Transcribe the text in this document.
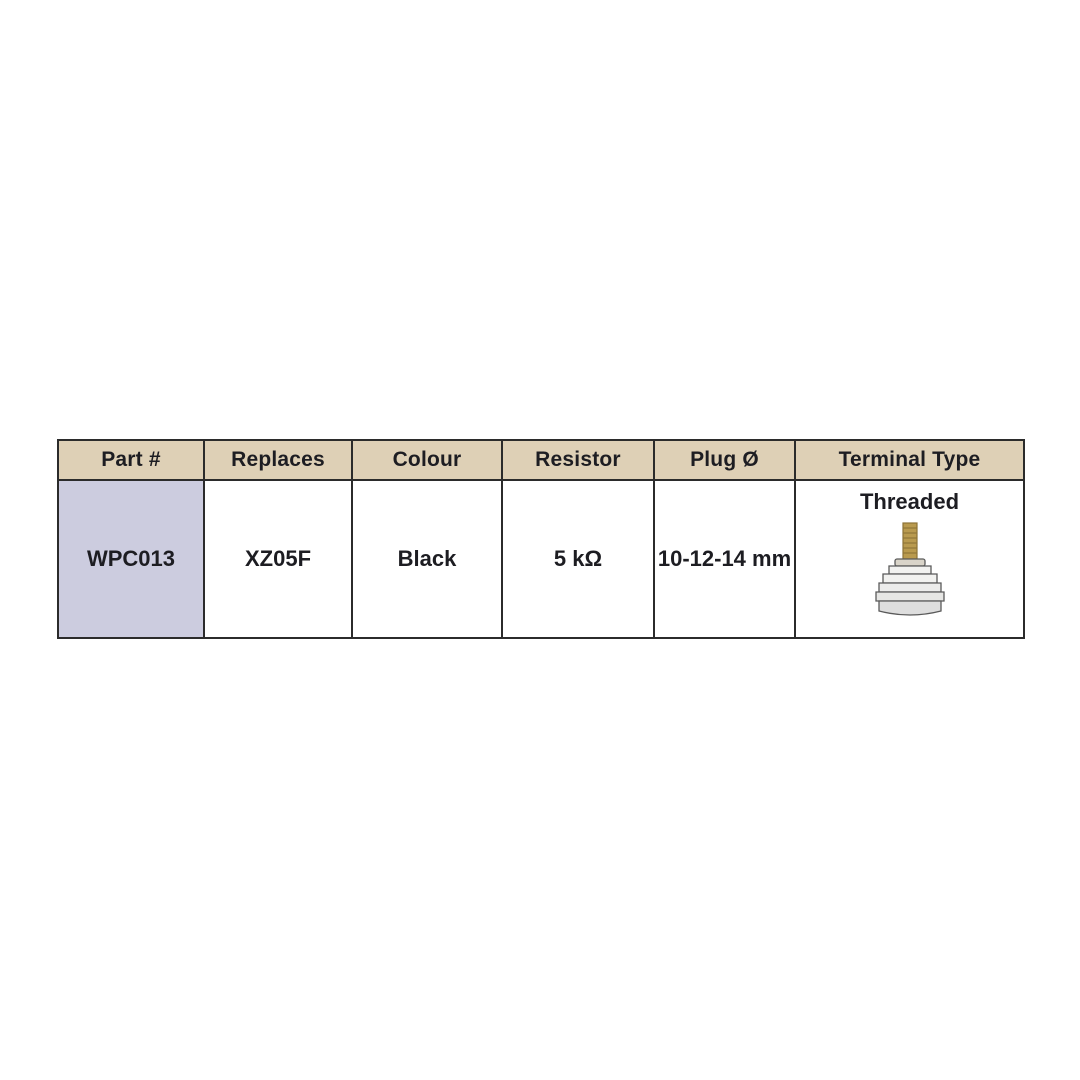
Part #	Replaces	Colour	Resistor	Plug Ø	Terminal Type
WPC013	XZ05F	Black	5 kΩ	10-12-14 mm	Threaded
